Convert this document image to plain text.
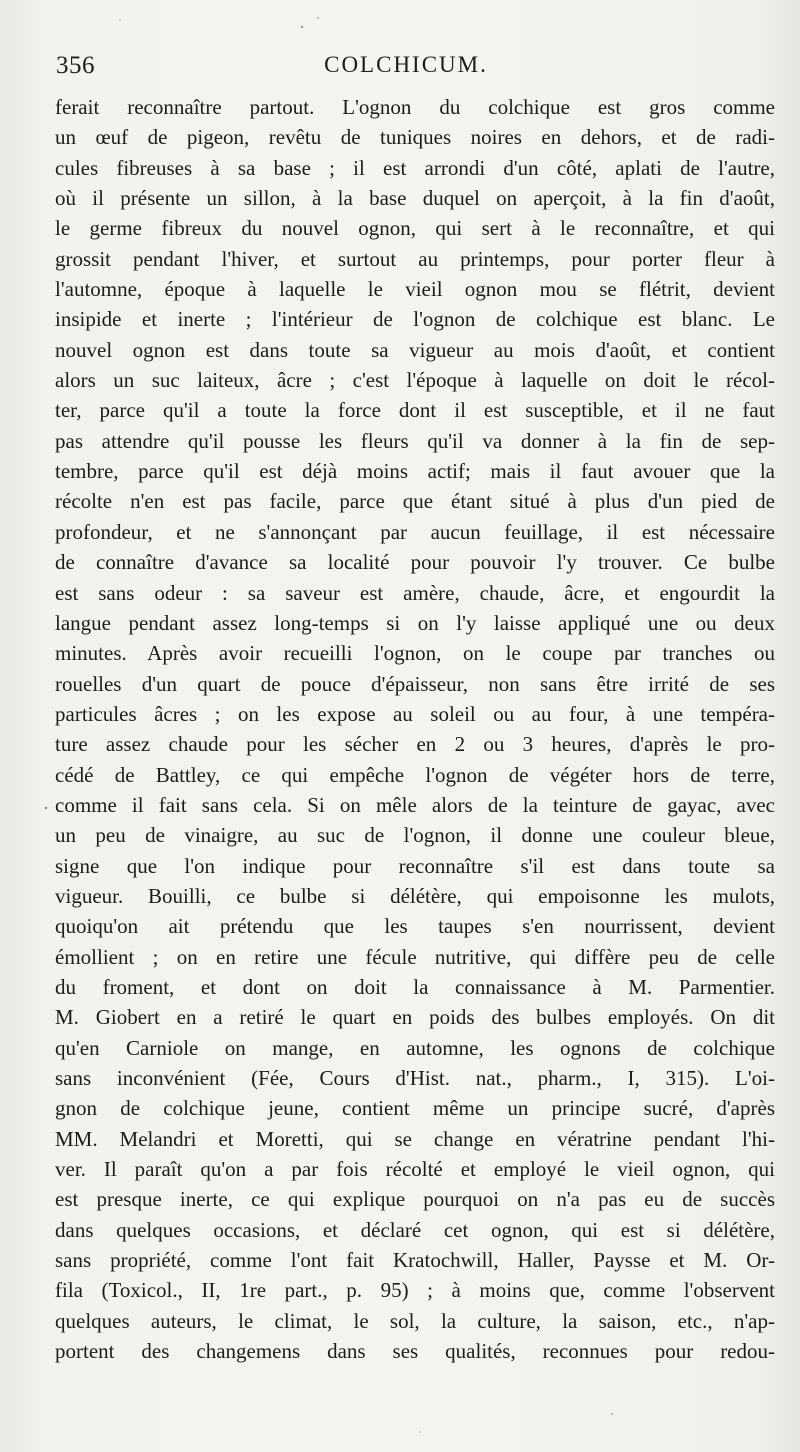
356	COLCHICUM.
ferait reconnaître partout. L'ognon du colchique est gros comme
un œuf de pigeon, revêtu de tuniques noires en dehors, et de radi-
cules fibreuses à sa base ; il est arrondi d'un côté, aplati de l'autre,
où il présente un sillon, à la base duquel on aperçoit, à la fin d'août,
le germe fibreux du nouvel ognon, qui sert à le reconnaître, et qui
grossit pendant l'hiver, et surtout au printemps, pour porter fleur à
l'automne, époque à laquelle le vieil ognon mou se flétrit, devient
insipide et inerte ; l'intérieur de l'ognon de colchique est blanc. Le
nouvel ognon est dans toute sa vigueur au mois d'août, et contient
alors un suc laiteux, âcre ; c'est l'époque à laquelle on doit le récol-
ter, parce qu'il a toute la force dont il est susceptible, et il ne faut
pas attendre qu'il pousse les fleurs qu'il va donner à la fin de sep-
tembre, parce qu'il est déjà moins actif; mais il faut avouer que la
récolte n'en est pas facile, parce que étant situé à plus d'un pied de
profondeur, et ne s'annonçant par aucun feuillage, il est nécessaire
de connaître d'avance sa localité pour pouvoir l'y trouver. Ce bulbe
est sans odeur : sa saveur est amère, chaude, âcre, et engourdit la
langue pendant assez long-temps si on l'y laisse appliqué une ou deux
minutes. Après avoir recueilli l'ognon, on le coupe par tranches ou
rouelles d'un quart de pouce d'épaisseur, non sans être irrité de ses
particules âcres ; on les expose au soleil ou au four, à une tempéra-
ture assez chaude pour les sécher en 2 ou 3 heures, d'après le pro-
cédé de Battley, ce qui empêche l'ognon de végéter hors de terre,
comme il fait sans cela. Si on mêle alors de la teinture de gayac, avec
un peu de vinaigre, au suc de l'ognon, il donne une couleur bleue,
signe que l'on indique pour reconnaître s'il est dans toute sa
vigueur. Bouilli, ce bulbe si délétère, qui empoisonne les mulots,
quoiqu'on ait prétendu que les taupes s'en nourrissent, devient
émollient ; on en retire une fécule nutritive, qui diffère peu de celle
du froment, et dont on doit la connaissance à M. Parmentier.
M. Giobert en a retiré le quart en poids des bulbes employés. On dit
qu'en Carniole on mange, en automne, les ognons de colchique
sans inconvénient (Fée, Cours d'Hist. nat., pharm., I, 315). L'oi-
gnon de colchique jeune, contient même un principe sucré, d'après
MM. Melandri et Moretti, qui se change en vératrine pendant l'hi-
ver. Il paraît qu'on a par fois récolté et employé le vieil ognon, qui
est presque inerte, ce qui explique pourquoi on n'a pas eu de succès
dans quelques occasions, et déclaré cet ognon, qui est si délétère,
sans propriété, comme l'ont fait Kratochwill, Haller, Paysse et M. Or-
fila (Toxicol., II, 1re part., p. 95) ; à moins que, comme l'observent
quelques auteurs, le climat, le sol, la culture, la saison, etc., n'ap-
portent des changemens dans ses qualités, reconnues pour redou-
